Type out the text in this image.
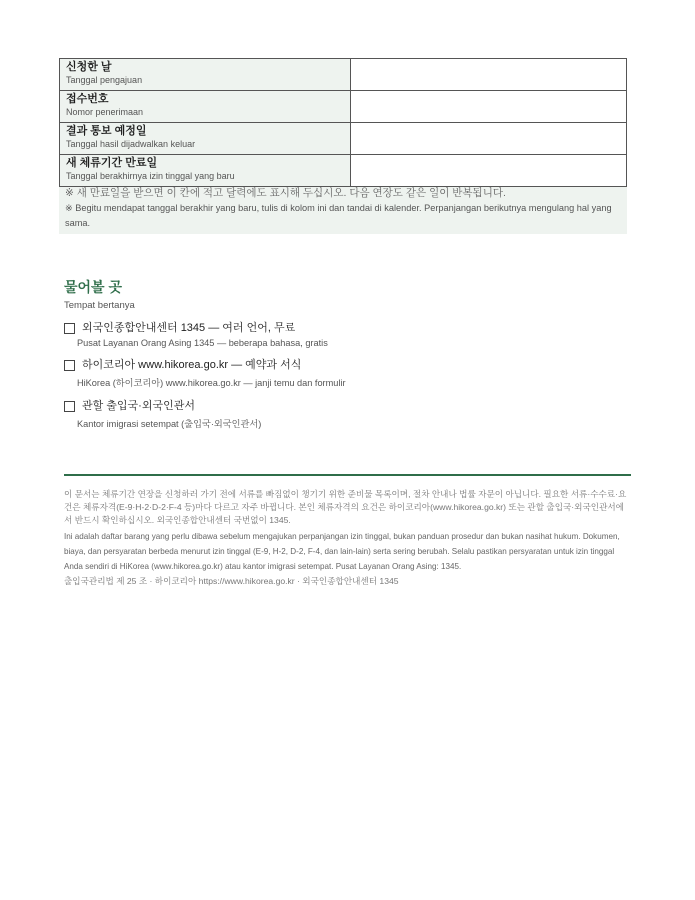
신청한 날
Tanggal pengajuan	

접수번호
Nomor penerimaan	

결과 통보 예정일
Tanggal hasil dijadwalkan keluar	

새 체류기간 만료일
Tanggal berakhirnya izin tinggal yang baru	

※ 새 만료일을 받으면 이 칸에 적고 달력에도 표시해 두십시오. 다음 연장도 같은 일이 반복됩니다.
※ Begitu mendapat tanggal berakhir yang baru, tulis di kolom ini dan tandai di kalender. Perpanjangan berikutnya mengulang hal yang sama.
물어볼 곳
Tempat bertanya
외국인종합안내센터 1345 — 여러 언어, 무료
Pusat Layanan Orang Asing 1345 — beberapa bahasa, gratis
하이코리아 www.hikorea.go.kr — 예약과 서식
HiKorea (하이코리아) www.hikorea.go.kr — janji temu dan formulir
관할 출입국·외국인관서
Kantor imigrasi setempat (출입국·외국인관서)
이 문서는 체류기간 연장을 신청하러 가기 전에 서류를 빠짐없이 챙기기 위한 준비물 목록이며, 절차 안내나 법률 자문이 아닙니다. 필요한 서류·수수료·요건은 체류자격(E-9·H-2·D-2·F-4 등)마다 다르고 자주 바뀝니다. 본인 체류자격의 요건은 하이코리아(www.hikorea.go.kr) 또는 관할 출입국·외국인관서에서 반드시 확인하십시오. 외국인종합안내센터 국번없이 1345.
Ini adalah daftar barang yang perlu dibawa sebelum mengajukan perpanjangan izin tinggal, bukan panduan prosedur dan bukan nasihat hukum. Dokumen, biaya, dan persyaratan berbeda menurut izin tinggal (E-9, H-2, D-2, F-4, dan lain-lain) serta sering berubah. Selalu pastikan persyaratan untuk izin tinggal Anda sendiri di HiKorea (www.hikorea.go.kr) atau kantor imigrasi setempat. Pusat Layanan Orang Asing: 1345.
출입국관리법 제 25 조 · 하이코리아 https://www.hikorea.go.kr · 외국인종합안내센터 1345
